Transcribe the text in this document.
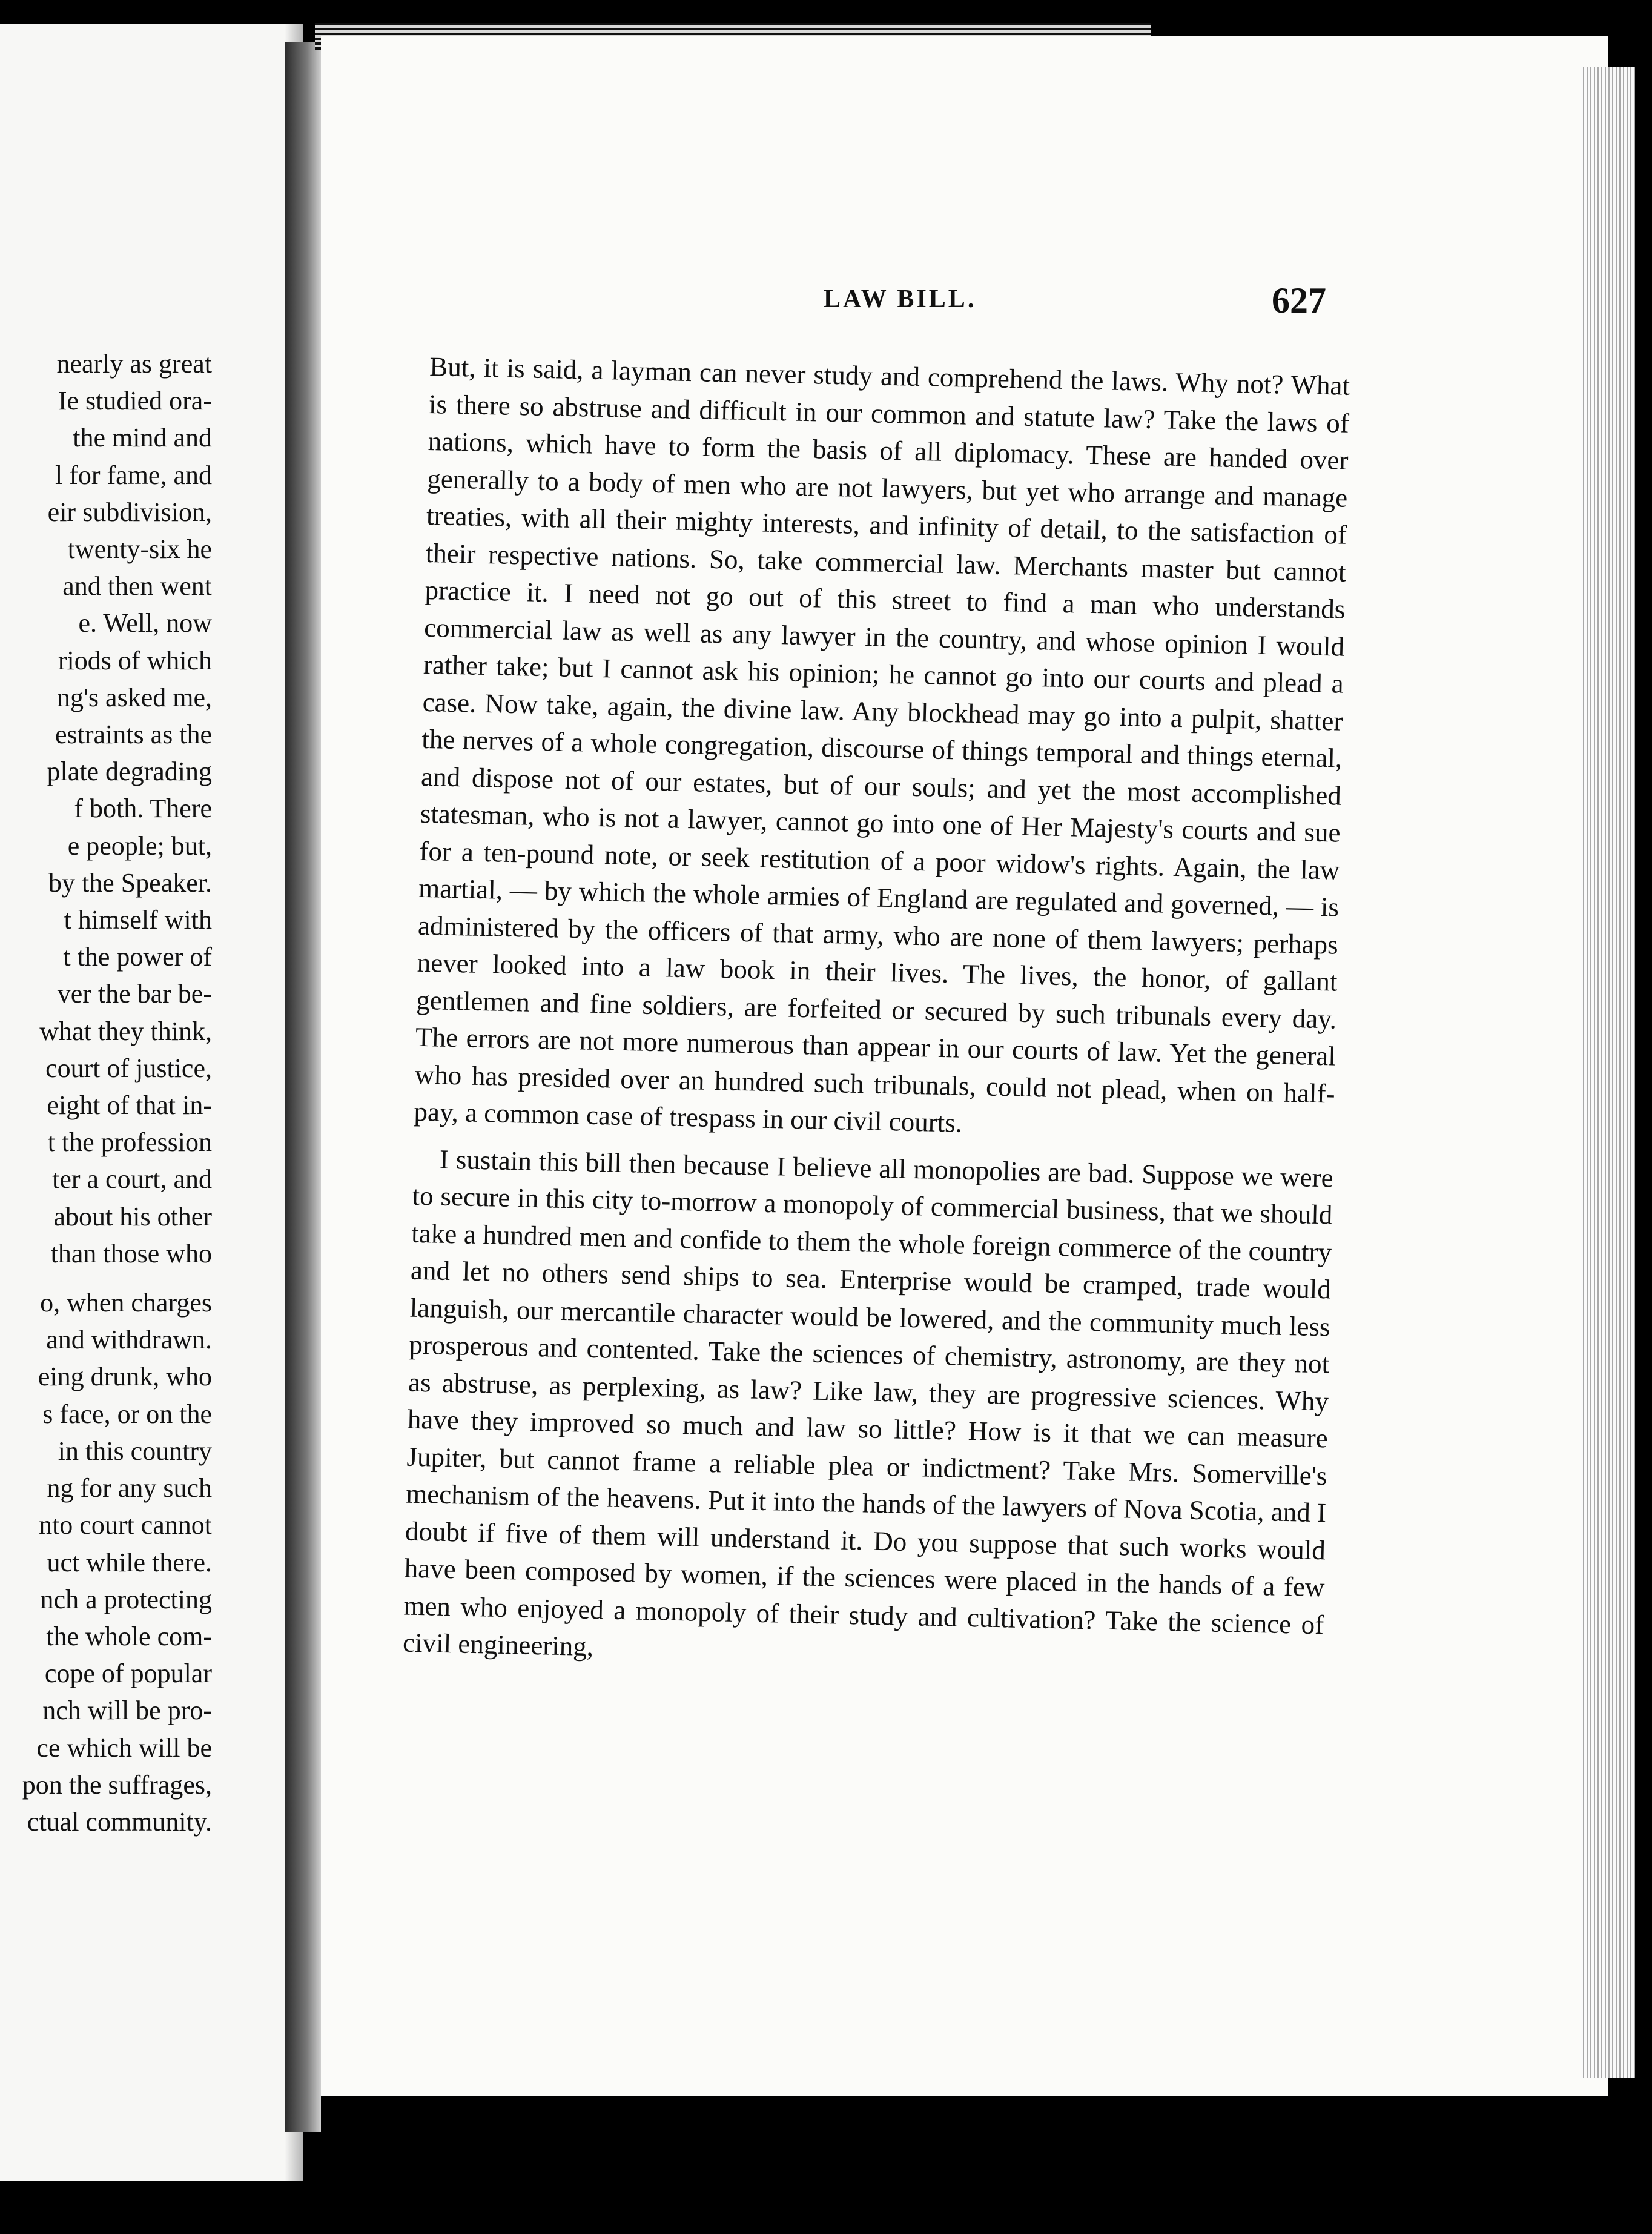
nearly as great
Ie studied ora-
the mind and
l for fame, and
eir subdivision,
twenty-six he
and then went
e. Well, now
riods of which
ng's asked me,
estraints as the
plate degrading
f both. There
e people; but,
by the Speaker.
t himself with
t the power of
ver the bar be-
what they think,
court of justice,
eight of that in-
t the profession
ter a court, and
about his other
than those who
o, when charges
and withdrawn.
eing drunk, who
s face, or on the
in this country
ng for any such
nto court cannot
uct while there.
nch a protecting
the whole com-
cope of popular
nch will be pro-
ce which will be
pon the suffrages,
ctual community.
LAW BILL.	627

But, it is said, a layman can never study and comprehend the laws. Why not? What is there so abstruse and difficult in our common and statute law? Take the laws of nations, which have to form the basis of all diplomacy. These are handed over generally to a body of men who are not lawyers, but yet who arrange and manage treaties, with all their mighty interests, and infinity of detail, to the satisfaction of their respective nations. So, take commercial law. Merchants master but cannot practice it. I need not go out of this street to find a man who understands commercial law as well as any lawyer in the country, and whose opinion I would rather take; but I cannot ask his opinion; he cannot go into our courts and plead a case. Now take, again, the divine law. Any blockhead may go into a pulpit, shatter the nerves of a whole congregation, discourse of things temporal and things eternal, and dispose not of our estates, but of our souls; and yet the most accomplished statesman, who is not a lawyer, cannot go into one of Her Majesty's courts and sue for a ten-pound note, or seek restitution of a poor widow's rights. Again, the law martial, — by which the whole armies of England are regulated and governed, — is administered by the officers of that army, who are none of them lawyers; perhaps never looked into a law book in their lives. The lives, the honor, of gallant gentlemen and fine soldiers, are forfeited or secured by such tribunals every day. The errors are not more numerous than appear in our courts of law. Yet the general who has presided over an hundred such tribunals, could not plead, when on half-pay, a common case of trespass in our civil courts.

I sustain this bill then because I believe all monopolies are bad. Suppose we were to secure in this city to-morrow a monopoly of commercial business, that we should take a hundred men and confide to them the whole foreign commerce of the country and let no others send ships to sea. Enterprise would be cramped, trade would languish, our mercantile character would be lowered, and the community much less prosperous and contented. Take the sciences of chemistry, astronomy, are they not as abstruse, as perplexing, as law? Like law, they are progressive sciences. Why have they improved so much and law so little? How is it that we can measure Jupiter, but cannot frame a reliable plea or indictment? Take Mrs. Somerville's mechanism of the heavens. Put it into the hands of the lawyers of Nova Scotia, and I doubt if five of them will understand it. Do you suppose that such works would have been composed by women, if the sciences were placed in the hands of a few men who enjoyed a monopoly of their study and cultivation? Take the science of civil engineering,
